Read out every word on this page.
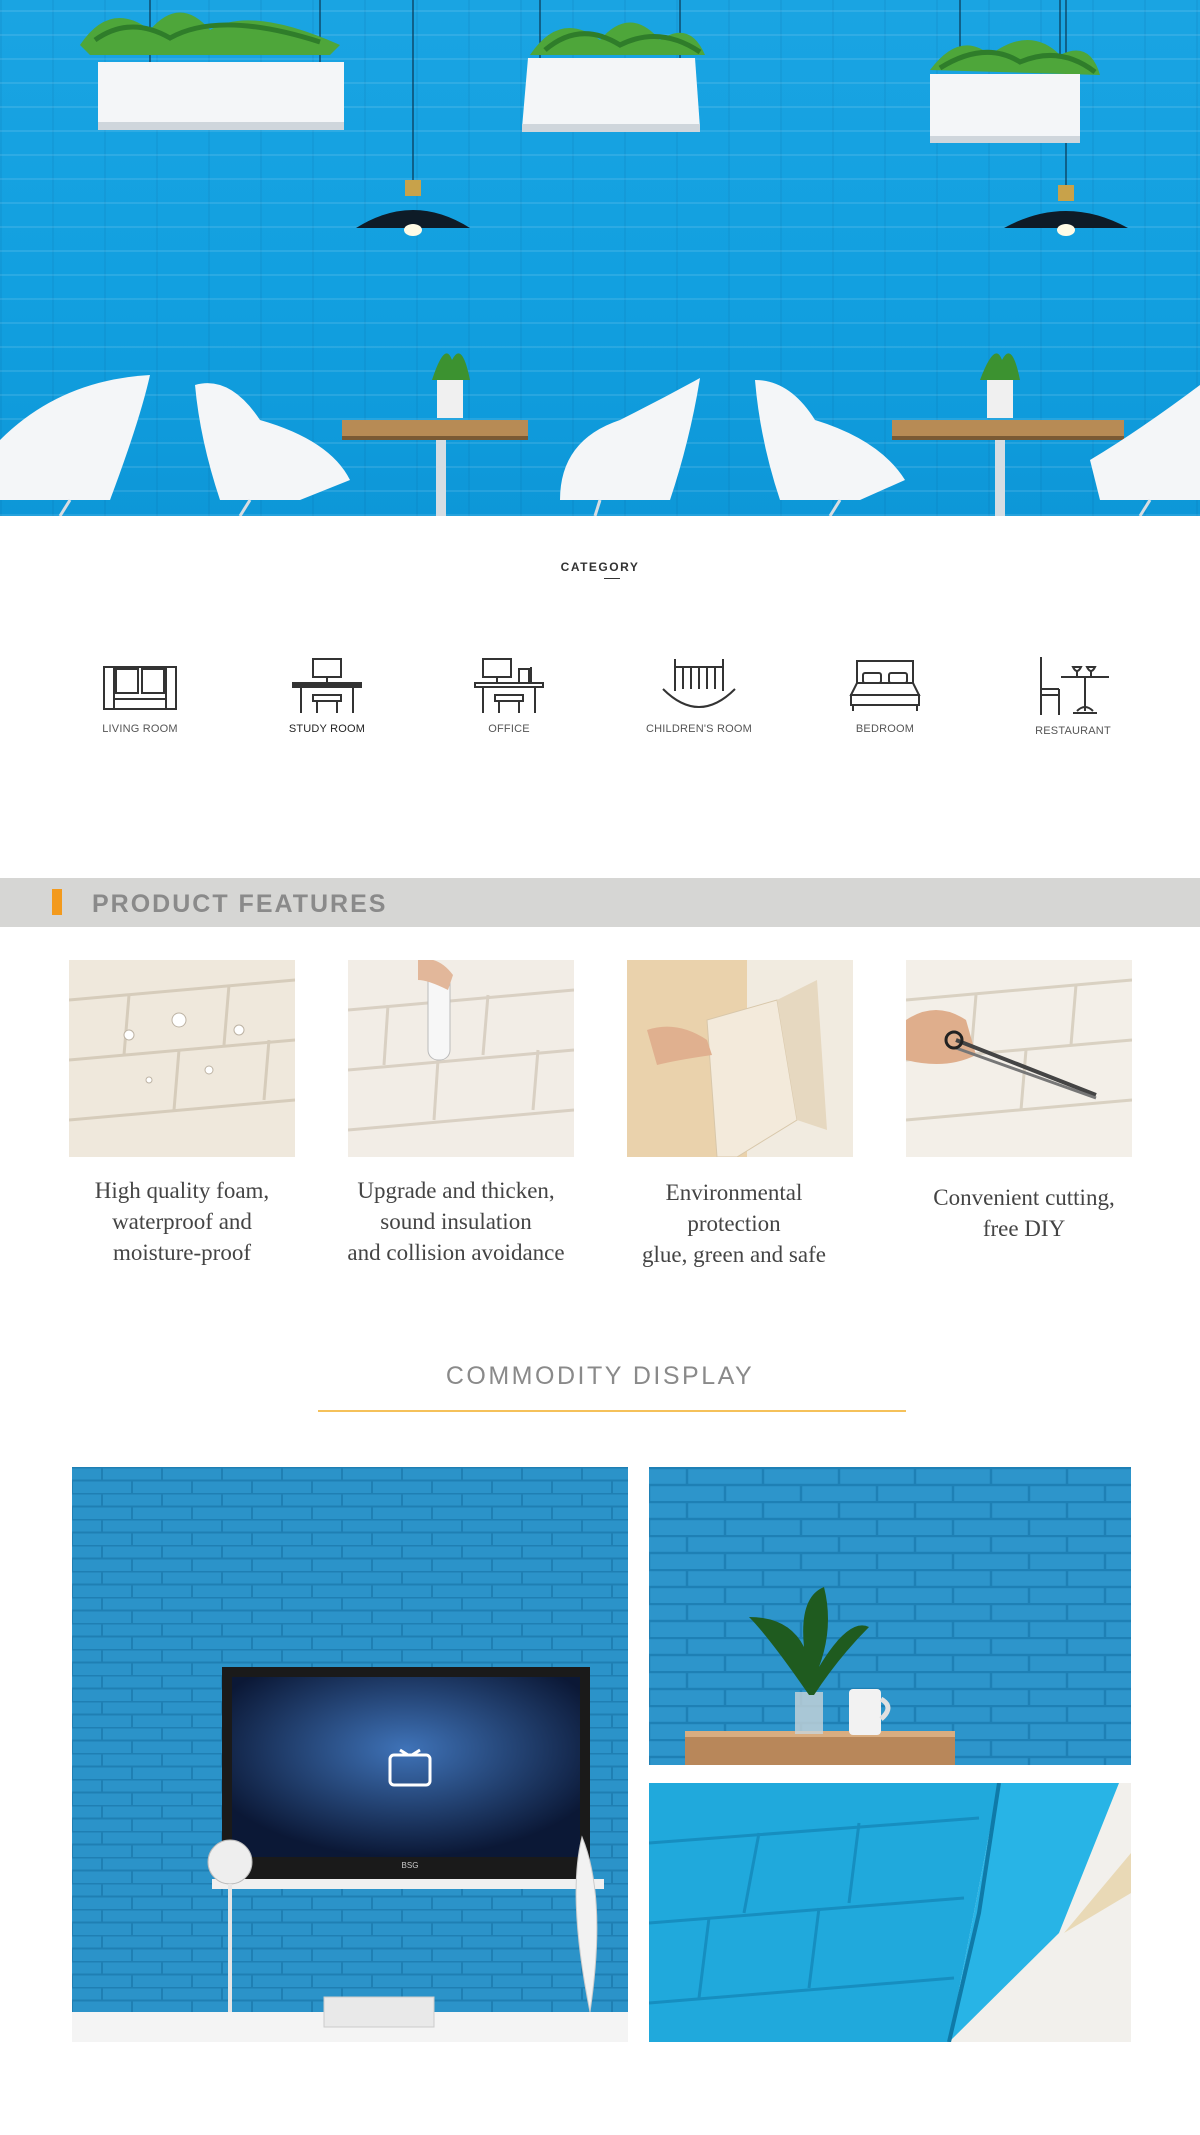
CATEGORY
LIVING ROOM	STUDY ROOM	OFFICE	CHILDREN'S ROOM	BEDROOM	RESTAURANT
PRODUCT FEATURES
High quality foam,
waterproof and
moisture-proof
Upgrade and thicken,
sound insulation
and collision avoidance
Environmental
protection
glue, green and safe
Convenient cutting,
free DIY
COMMODITY DISPLAY
BSG
